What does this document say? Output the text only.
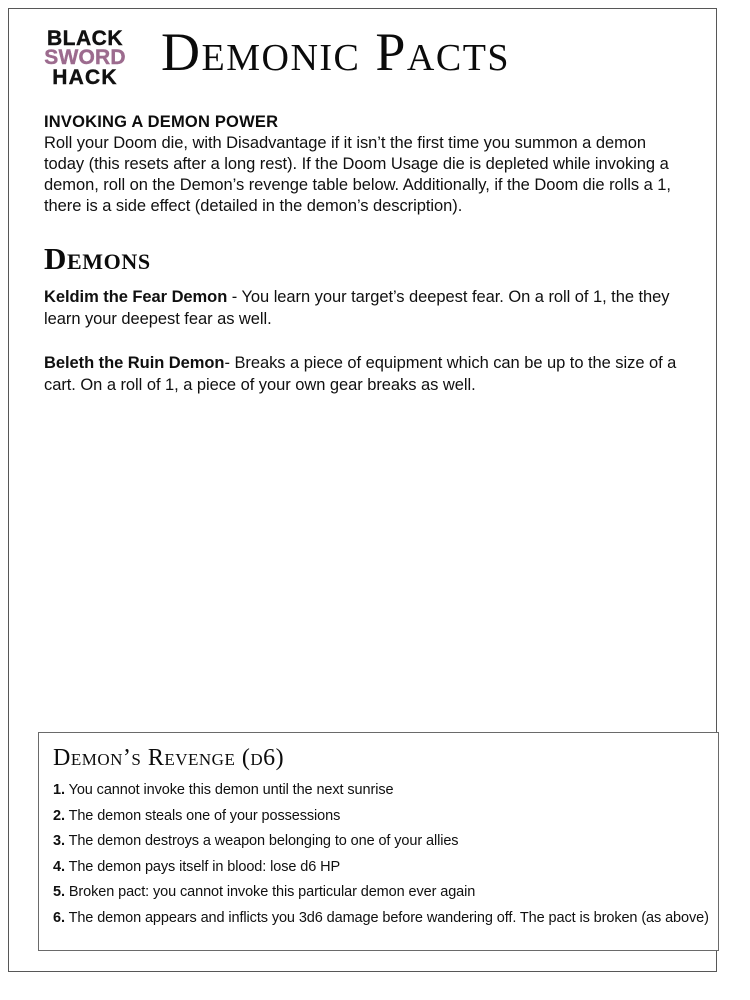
BLACK
SWORD
HACK Demonic Pacts
INVOKING A DEMON POWER

Roll your Doom die, with Disadvantage if it isn’t the first time you summon a demon today (this resets after a long rest). If the Doom Usage die is depleted while invoking a demon, roll on the Demon’s revenge table below. Additionally, if the Doom die rolls a 1, there is a side effect (detailed in the demon’s description).

Demons

Keldim the Fear Demon - You learn your target’s deepest fear. On a roll of 1, the they learn your deepest fear as well.

Beleth the Ruin Demon- Breaks a piece of equipment which can be up to the size of a cart. On a roll of 1, a piece of your own gear breaks as well.

Demon’s Revenge (d6)
1. You cannot invoke this demon until the next sunrise
2. The demon steals one of your possessions
3. The demon destroys a weapon belonging to one of your allies
4. The demon pays itself in blood: lose d6 HP
5. Broken pact: you cannot invoke this particular demon ever again
6. The demon appears and inflicts you 3d6 damage before wandering off. The pact is broken (as above)
